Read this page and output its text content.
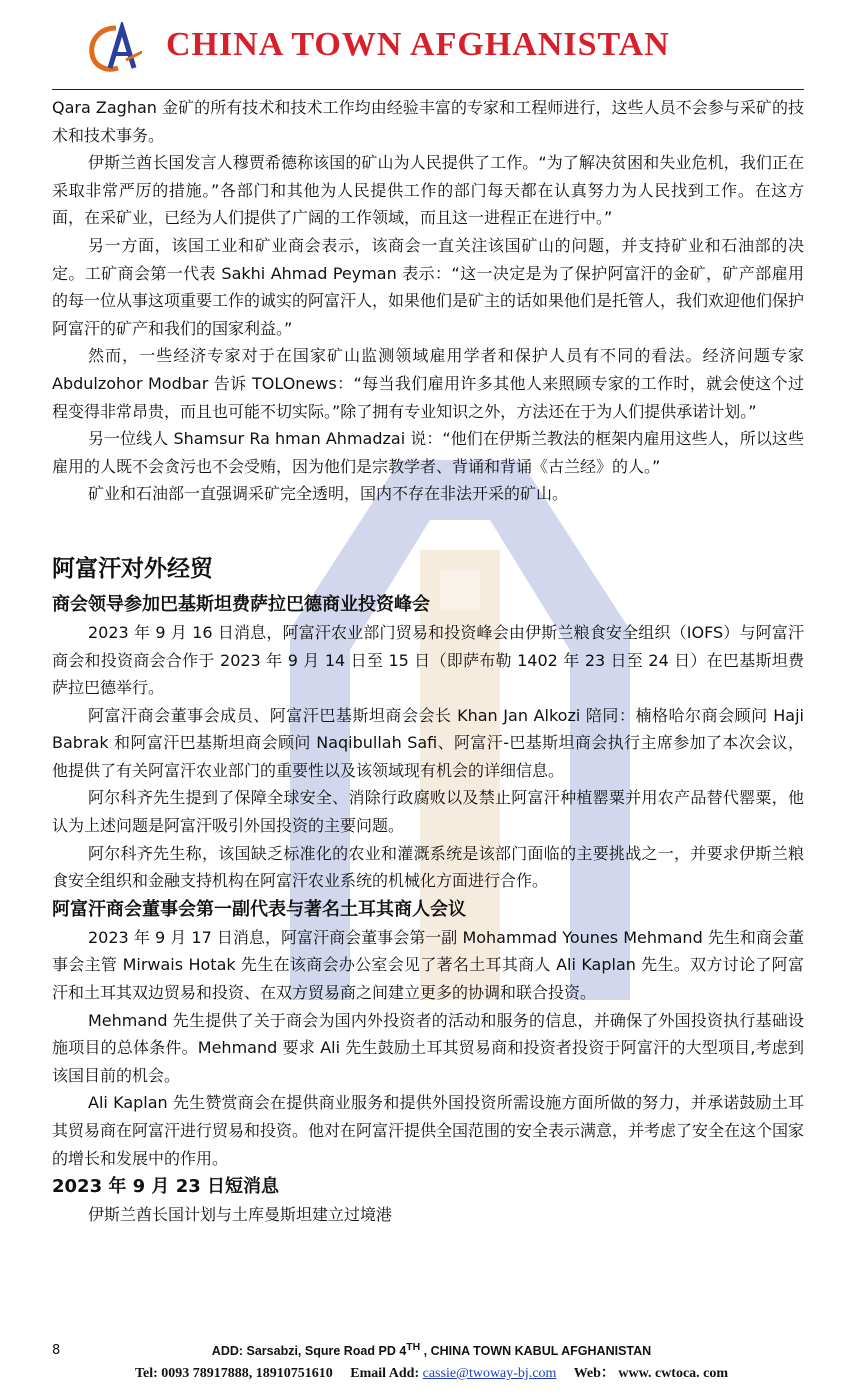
CHINA TOWN AFGHANISTAN

Qara Zaghan 金矿的所有技术和技术工作均由经验丰富的专家和工程师进行，这些人员不会参与采矿的技术和技术事务。

伊斯兰酋长国发言人穆贾希德称该国的矿山为人民提供了工作。“为了解决贫困和失业危机，我们正在采取非常严厉的措施。”各部门和其他为人民提供工作的部门每天都在认真努力为人民找到工作。在这方面，在采矿业，已经为人们提供了广阔的工作领域，而且这一进程正在进行中。”

另一方面，该国工业和矿业商会表示，该商会一直关注该国矿山的问题，并支持矿业和石油部的决定。工矿商会第一代表 Sakhi Ahmad Peyman 表示：“这一决定是为了保护阿富汗的金矿，矿产部雇用的每一位从事这项重要工作的诚实的阿富汗人，如果他们是矿主的话如果他们是托管人，我们欢迎他们保护阿富汗的矿产和我们的国家利益。”

然而，一些经济专家对于在国家矿山监测领域雇用学者和保护人员有不同的看法。经济问题专家 Abdulzohor Modbar 告诉 TOLOnews：“每当我们雇用许多其他人来照顾专家的工作时，就会使这个过程变得非常昂贵，而且也可能不切实际。”除了拥有专业知识之外，方法还在于为人们提供承诺计划。”

另一位线人 Shamsur Ra hman Ahmadzai 说：“他们在伊斯兰教法的框架内雇用这些人，所以这些雇用的人既不会贪污也不会受贿，因为他们是宗教学者、背诵和背诵《古兰经》的人。”

矿业和石油部一直强调采矿完全透明，国内不存在非法开采的矿山。

阿富汗对外经贸
商会领导参加巴基斯坦费萨拉巴德商业投资峰会

2023 年 9 月 16 日消息，阿富汗农业部门贸易和投资峰会由伊斯兰粮食安全组织（IOFS）与阿富汗商会和投资商会合作于 2023 年 9 月 14 日至 15 日（即萨布勒 1402 年 23 日至 24 日）在巴基斯坦费萨拉巴德举行。

阿富汗商会董事会成员、阿富汗巴基斯坦商会会长 Khan Jan Alkozi 陪同：楠格哈尔商会顾问 Haji Babrak 和阿富汗巴基斯坦商会顾问 Naqibullah Safi、阿富汗-巴基斯坦商会执行主席参加了本次会议，他提供了有关阿富汗农业部门的重要性以及该领域现有机会的详细信息。

阿尔科齐先生提到了保障全球安全、消除行政腐败以及禁止阿富汗种植罂粟并用农产品替代罂粟，他认为上述问题是阿富汗吸引外国投资的主要问题。

阿尔科齐先生称，该国缺乏标准化的农业和灌溉系统是该部门面临的主要挑战之一，并要求伊斯兰粮食安全组织和金融支持机构在阿富汗农业系统的机械化方面进行合作。

阿富汗商会董事会第一副代表与著名土耳其商人会议

2023 年 9 月 17 日消息，阿富汗商会董事会第一副 Mohammad Younes Mehmand 先生和商会董事会主管 Mirwais Hotak 先生在该商会办公室会见了著名土耳其商人 Ali Kaplan 先生。双方讨论了阿富汗和土耳其双边贸易和投资、在双方贸易商之间建立更多的协调和联合投资。

Mehmand 先生提供了关于商会为国内外投资者的活动和服务的信息，并确保了外国投资执行基础设施项目的总体条件。Mehmand 要求 Ali 先生鼓励土耳其贸易商和投资者投资于阿富汗的大型项目,考虑到该国目前的机会。

Ali Kaplan 先生赞赏商会在提供商业服务和提供外国投资所需设施方面所做的努力，并承诺鼓励土耳其贸易商在阿富汗进行贸易和投资。他对在阿富汗提供全国范围的安全表示满意，并考虑了安全在这个国家的增长和发展中的作用。

2023 年 9 月 23 日短消息

伊斯兰酋长国计划与土库曼斯坦建立过境港

8	ADD: Sarsabzi, Squre Road PD 4TH , CHINA TOWN KABUL AFGHANISTAN
Tel: 0093 78917888, 18910751610 Email Add: cassie@twoway-bj.com Web： www. cwtoca. com
